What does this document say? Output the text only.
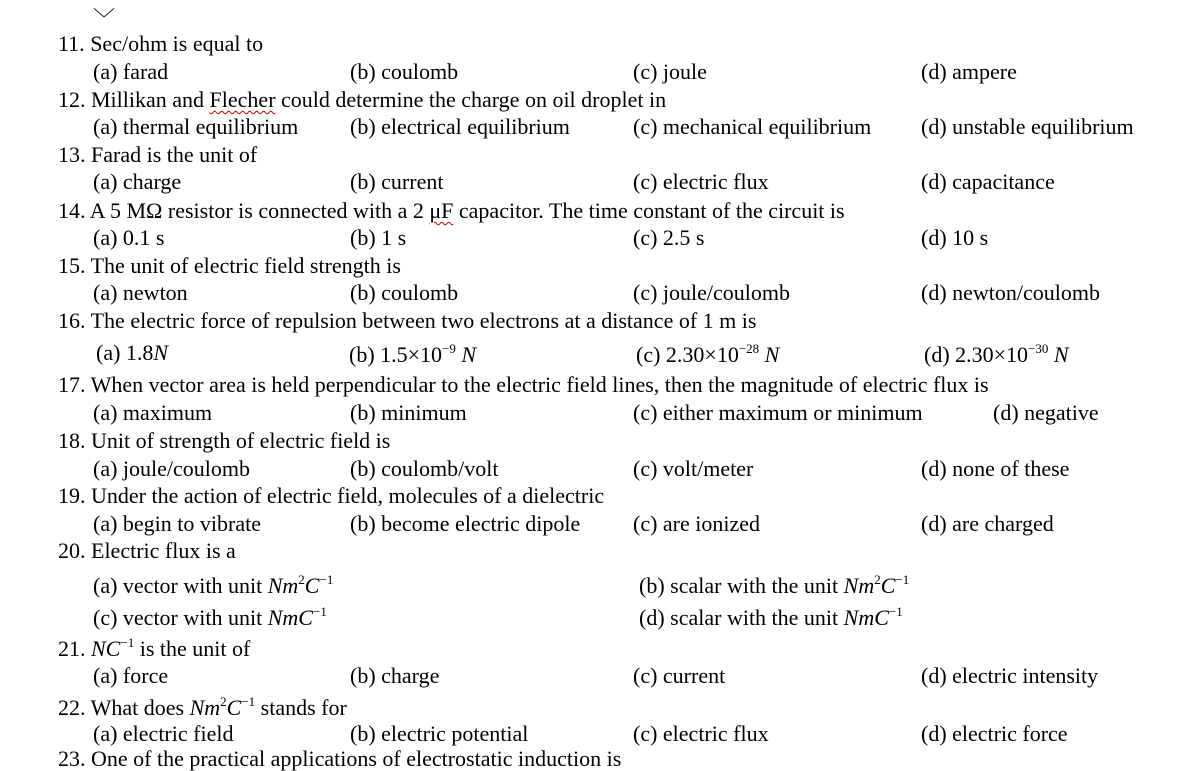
﹀
11. Sec/ohm is equal to
(a) farad	(b) coulomb	(c) joule	(d) ampere
12. Millikan and Flecher could determine the charge on oil droplet in
(a) thermal equilibrium (b) electrical equilibrium	(c) mechanical equilibrium (d) unstable equilibrium
13. Farad is the unit of
(a) charge	(b) current	(c) electric flux	(d) capacitance
14. A 5 MΩ resistor is connected with a 2 μF capacitor. The time constant of the circuit is
(a) 0.1 s	(b) 1 s	(c) 2.5 s	(d) 10 s
15. The unit of electric field strength is
(a) newton	(b) coulomb	(c) joule/coulomb	(d) newton/coulomb
16. The electric force of repulsion between two electrons at a distance of 1 m is
(a) 1.8N	(b) $1.5\times 10^{-9}$ N	(c) $2.30\times 10^{-28}$ N	(d) $2.30\times 10^{-30}$ N
17. When vector area is held perpendicular to the electric field lines, then the magnitude of electric flux is
(a) maximum	(b) minimum	(c) either maximum or minimum	(d) negative
18. Unit of strength of electric field is
(a) joule/coulomb	(b) coulomb/volt	(c) volt/meter	(d) none of these
19. Under the action of electric field, molecules of a dielectric
(a) begin to vibrate	(b) become electric dipole (c) are ionized	(d) are charged
20. Electric flux is a
(a) vector with unit $Nm^2C^{-1}$	(b) scalar with the unit $Nm^2C^{-1}$
(c) vector with unit NmC$^{-1}$	(d) scalar with the unit NmC$^{-1}$
21. $NC^{-1}$ is the unit of
(a) force	(b) charge	(c) current	(d) electric intensity
22. What does $Nm^2C^{-1}$ stands for
(a) electric field	(b) electric potential	(c) electric flux	(d) electric force
23. One of the practical applications of electrostatic induction is
